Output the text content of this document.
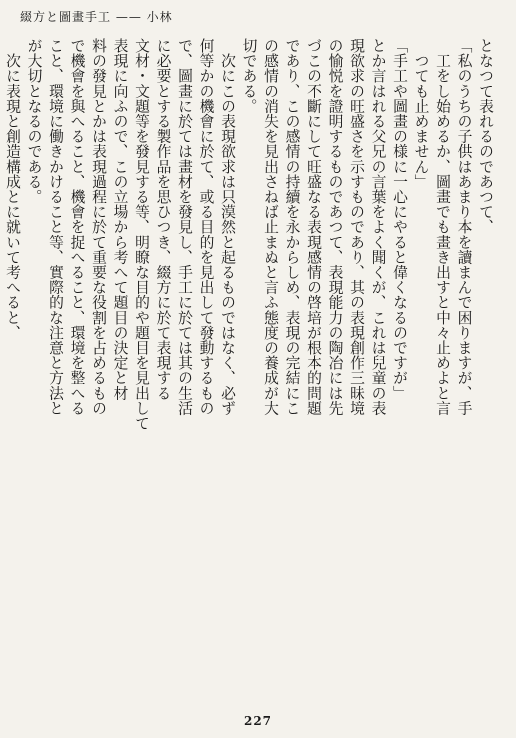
綴方と圖畫手工 —— 小林

となつて表れるのであつて、

「私のうちの子供はあまり本を讀まんで困りますが、手

　工をし始めるか、圖畫でも畫き出すと中々止めよと言

　つても止めません」

「手工や圖畫の様に一心にやると偉くなるのですが」

とか言はれる父兄の言葉をよく聞くが、これは兒童の表

現欲求の旺盛さを示すものであり、其の表現創作三昧境

の愉悦を證明するものであつて、表現能力の陶冶には先

づこの不斷にして旺盛なる表現感情の啓培が根本的問題

であり、この感情の持續を永からしめ、表現の完結にこ

の感情の消失を見出さねば止まぬと言ふ態度の養成が大

切である。

　次にこの表現欲求は只漠然と起るものではなく、必ず

何等かの機會に於て、或る目的を見出して發動するもの

で、圖畫に於ては畫材を發見し、手工に於ては其の生活

に必要とする製作品を思ひつき、綴方に於て表現する

文材・文題等を發見する等、明瞭な目的や題目を見出して

表現に向ふので、この立場から考へて題目の決定と材

料の發見とかは表現過程に於て重要な役割を占めるもの

で機會を與へること、機會を捉へること、環境を整へる

こと、環境に働きかけること等、實際的な注意と方法と

が大切となるのである。

　次に表現と創造構成とに就いて考へると、

227
